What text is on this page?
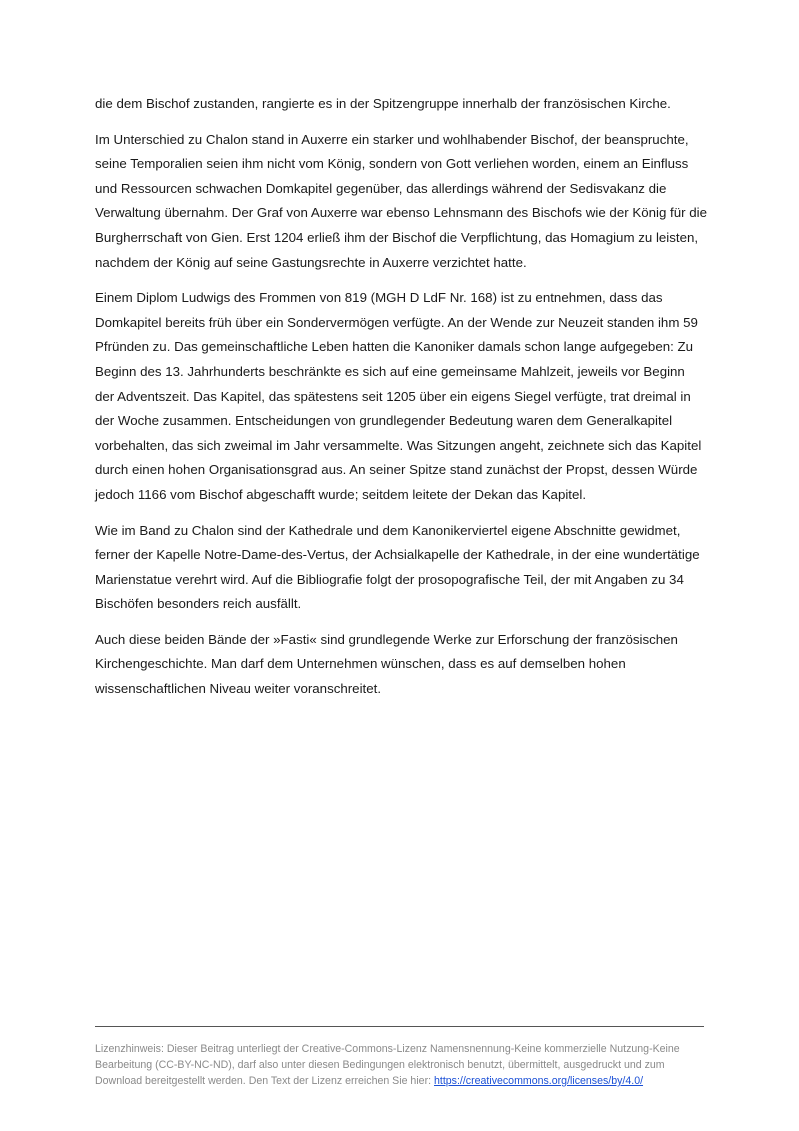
die dem Bischof zustanden, rangierte es in der Spitzengruppe innerhalb der französischen Kirche.

Im Unterschied zu Chalon stand in Auxerre ein starker und wohlhabender Bischof, der beanspruchte, seine Temporalien seien ihm nicht vom König, sondern von Gott verliehen worden, einem an Einfluss und Ressourcen schwachen Domkapitel gegenüber, das allerdings während der Sedisvakanz die Verwaltung übernahm. Der Graf von Auxerre war ebenso Lehnsmann des Bischofs wie der König für die Burgherrschaft von Gien. Erst 1204 erließ ihm der Bischof die Verpflichtung, das Homagium zu leisten, nachdem der König auf seine Gastungsrechte in Auxerre verzichtet hatte.

Einem Diplom Ludwigs des Frommen von 819 (MGH D LdF Nr. 168) ist zu entnehmen, dass das Domkapitel bereits früh über ein Sondervermögen verfügte. An der Wende zur Neuzeit standen ihm 59 Pfründen zu. Das gemeinschaftliche Leben hatten die Kanoniker damals schon lange aufgegeben: Zu Beginn des 13. Jahrhunderts beschränkte es sich auf eine gemeinsame Mahlzeit, jeweils vor Beginn der Adventszeit. Das Kapitel, das spätestens seit 1205 über ein eigens Siegel verfügte, trat dreimal in der Woche zusammen. Entscheidungen von grundlegender Bedeutung waren dem Generalkapitel vorbehalten, das sich zweimal im Jahr versammelte. Was Sitzungen angeht, zeichnete sich das Kapitel durch einen hohen Organisationsgrad aus. An seiner Spitze stand zunächst der Propst, dessen Würde jedoch 1166 vom Bischof abgeschafft wurde; seitdem leitete der Dekan das Kapitel.

Wie im Band zu Chalon sind der Kathedrale und dem Kanonikerviertel eigene Abschnitte gewidmet, ferner der Kapelle Notre-Dame-des-Vertus, der Achsialkapelle der Kathedrale, in der eine wundertätige Marienstatue verehrt wird. Auf die Bibliografie folgt der prosopografische Teil, der mit Angaben zu 34 Bischöfen besonders reich ausfällt.

Auch diese beiden Bände der »Fasti« sind grundlegende Werke zur Erforschung der französischen Kirchengeschichte. Man darf dem Unternehmen wünschen, dass es auf demselben hohen wissenschaftlichen Niveau weiter voranschreitet.

Lizenzhinweis: Dieser Beitrag unterliegt der Creative-Commons-Lizenz Namensnennung-Keine kommerzielle Nutzung-Keine Bearbeitung (CC-BY-NC-ND), darf also unter diesen Bedingungen elektronisch benutzt, übermittelt, ausgedruckt und zum Download bereitgestellt werden. Den Text der Lizenz erreichen Sie hier: https://creativecommons.org/licenses/by/4.0/
